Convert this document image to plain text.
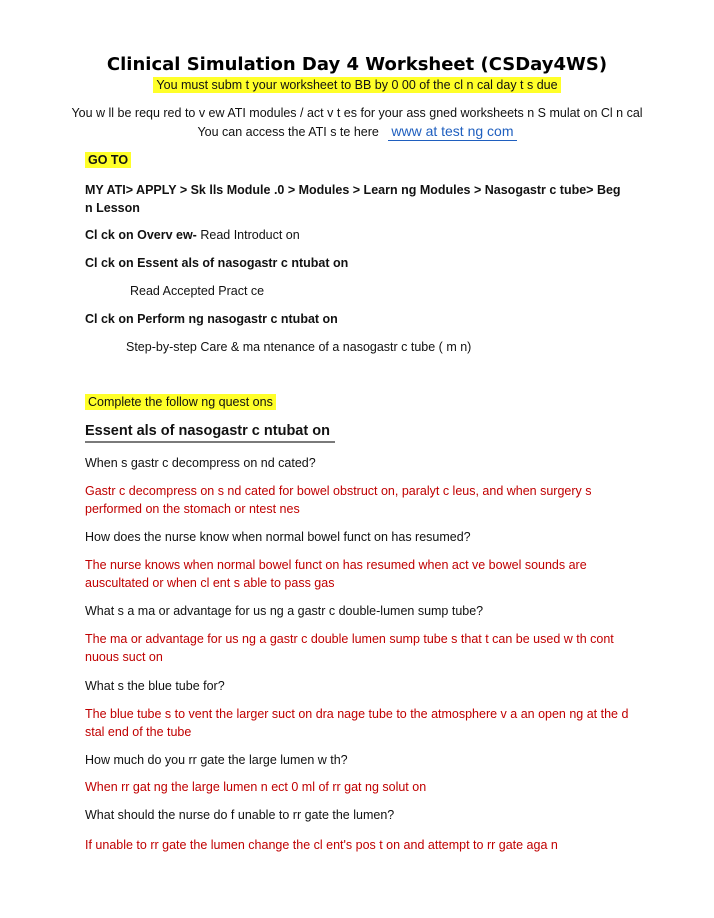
Clinical Simulation Day 4 Worksheet (CSDay4WS)
You must subm t your worksheet to BB by 0 00 of the cl n cal day t s due
You w ll be requ red to v ew ATI modules / act v t es for your ass gned worksheets n S mulat on Cl n cal
You can access the ATI s te here www at test ng com
GO TO
MY ATI> APPLY > Sk lls Module .0 > Modules > Learn ng Modules > Nasogastr c tube> Beg n Lesson
Cl ck on Overv ew- Read Introduct on
Cl ck on Essent als of nasogastr c ntubat on
Read Accepted Pract ce
Cl ck on Perform ng nasogastr c ntubat on
Step-by-step Care & ma ntenance of a nasogastr c tube ( m n)
Complete the follow ng quest ons
Essent als of nasogastr c ntubat on
When s gastr c decompress on nd cated?
Gastr c decompress on s nd cated for bowel obstruct on, paralyt c leus, and when surgery s performed on the stomach or ntest nes
How does the nurse know when normal bowel funct on has resumed?
The nurse knows when normal bowel funct on has resumed when act ve bowel sounds are auscultated or when cl ent s able to pass gas
What s a ma or advantage for us ng a gastr c double-lumen sump tube?
The ma or advantage for us ng a gastr c double lumen sump tube s that t can be used w th cont nuous suct on
What s the blue tube for?
The blue tube s to vent the larger suct on dra nage tube to the atmosphere v a an open ng at the d stal end of the tube
How much do you rr gate the large lumen w th?
When rr gat ng the large lumen n ect 0 ml of rr gat ng solut on
What should the nurse do f unable to rr gate the lumen?
If unable to rr gate the lumen change the cl ent's pos t on and attempt to rr gate aga n
